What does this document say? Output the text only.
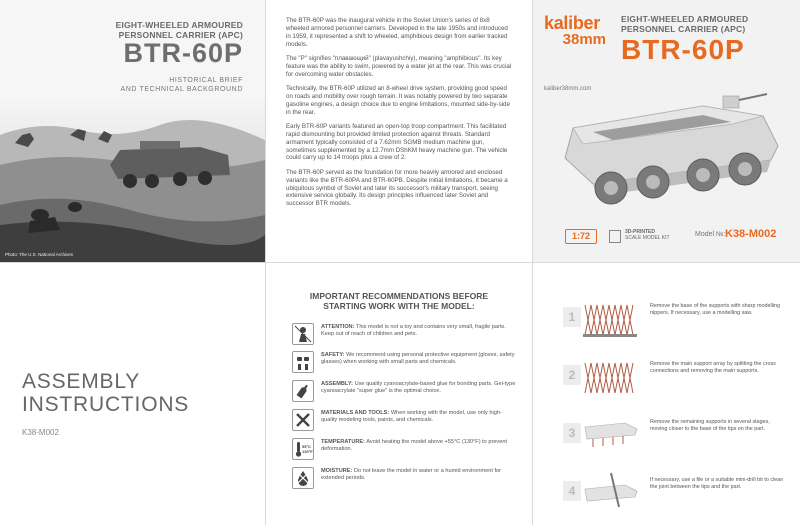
EIGHT-WHEELED ARMOURED
PERSONNEL CARRIER (APC)
BTR-60P
HISTORICAL BRIEF
AND TECHNICAL BACKGROUND
Photo: The U.S. National Archives

The BTR-60P was the inaugural vehicle in the Soviet Union's series of 8x8 wheeled armored personnel carriers. Developed in the late 1950s and introduced in 1959, it represented a shift to wheeled, amphibious design from earlier tracked models.

The "P" signifies "плавающий" (plavayushchiy), meaning "amphibious". Its key feature was the ability to swim, powered by a water jet at the rear. This was crucial for overcoming water obstacles.

Technically, the BTR-60P utilized an 8-wheel drive system, providing good speed on roads and mobility over rough terrain. It was notably powered by two separate gasoline engines, a design choice due to engine limitations, mounted side-by-side in the rear.

Early BTR-60P variants featured an open-top troop compartment. This facilitated rapid dismounting but provided limited protection against threats. Standard armament typically consisted of a 7.62mm SGMB medium machine gun, sometimes supplemented by a 12.7mm DShKM heavy machine gun. The vehicle could carry up to 14 troops plus a crew of 2.

The BTR-60P served as the foundation for more heavily armored and enclosed variants like the BTR-60PA and BTR-60PB. Despite initial limitations, it became a ubiquitous symbol of Soviet and later its successor's military transport, seeing extensive service globally. Its design principles influenced later Soviet and successor BTR models.

kaliber
38mm
EIGHT-WHEELED ARMOURED
PERSONNEL CARRIER (APC)
BTR-60P
kaliber38mm.com
1:72	3D-PRINTED
SCALE MODEL KIT	Model №: K38-M002
ASSEMBLY
INSTRUCTIONS
K38-M002
IMPORTANT RECOMMENDATIONS BEFORE
STARTING WORK WITH THE MODEL:
ATTENTION: This model is not a toy and contains very small, fragile parts. Keep out of reach of children and pets.
SAFETY: We recommend using personal protective equipment (gloves, safety glasses) when working with small parts and chemicals.
ASSEMBLY: Use quality cyanoacrylate-based glue for bonding parts. Gel-type cyanoacrylate "super glue" is the optimal choice.
MATERIALS AND TOOLS: When working with the model, use only high-quality modeling tools, paints, and chemicals.
55°C
130°F
TEMPERATURE: Avoid heating the model above +55°C (130°F) to prevent deformation.
MOISTURE: Do not leave the model in water or a humid environment for extended periods.
1
Remove the base of the supports with sharp modelling nippers. If necessary, use a modelling saw.
2
Remove the main support array by splitting the cross connections and removing the main supports.
3
Remove the remaining supports in several stages, moving closer to the base of the tips on the part.
4
If necessary, use a file or a suitable mini-drill bit to clean the joint between the tips and the part.
